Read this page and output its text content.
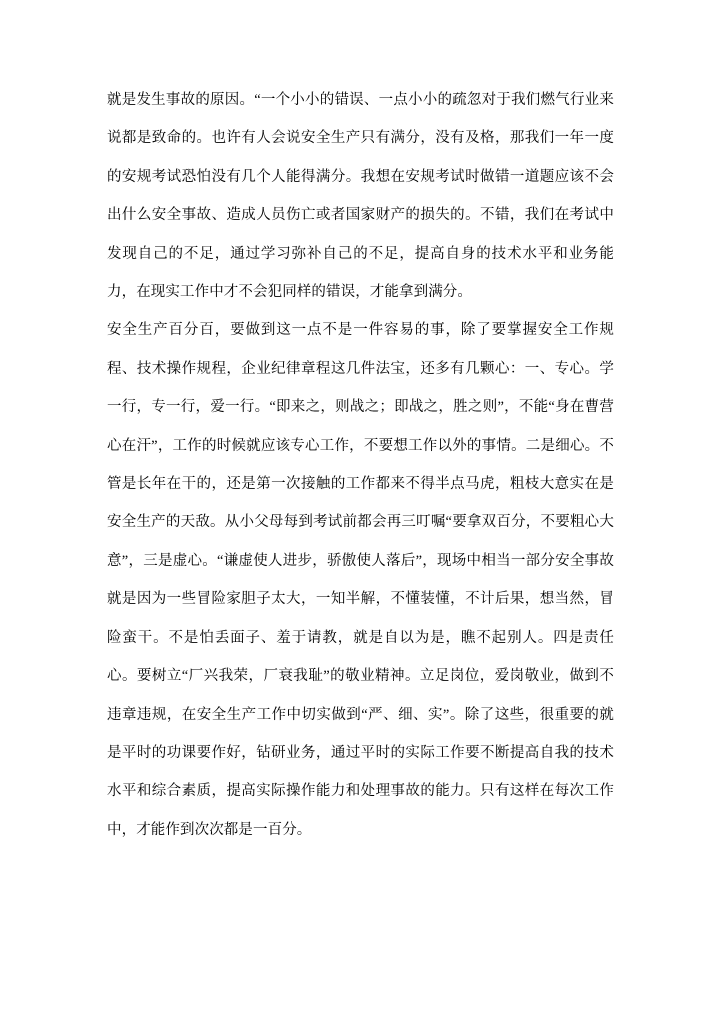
就是发生事故的原因。“一个小小的错误、一点小小的疏忽对于我们燃气行业来说都是致命的。也许有人会说安全生产只有满分，没有及格，那我们一年一度的安规考试恐怕没有几个人能得满分。我想在安规考试时做错一道题应该不会出什么安全事故、造成人员伤亡或者国家财产的损失的。不错，我们在考试中发现自己的不足，通过学习弥补自己的不足，提高自身的技术水平和业务能力，在现实工作中才不会犯同样的错误，才能拿到满分。

安全生产百分百，要做到这一点不是一件容易的事，除了要掌握安全工作规程、技术操作规程，企业纪律章程这几件法宝，还多有几颗心：一、专心。学一行，专一行，爱一行。“即来之，则战之；即战之，胜之则”，不能“身在曹营心在汗”，工作的时候就应该专心工作，不要想工作以外的事情。二是细心。不管是长年在干的，还是第一次接触的工作都来不得半点马虎，粗枝大意实在是安全生产的天敌。从小父母每到考试前都会再三叮嘱“要拿双百分，不要粗心大意”，三是虚心。“谦虚使人进步，骄傲使人落后”，现场中相当一部分安全事故就是因为一些冒险家胆子太大，一知半解，不懂装懂，不计后果，想当然，冒险蛮干。不是怕丢面子、羞于请教，就是自以为是，瞧不起别人。四是责任心。要树立“厂兴我荣，厂衰我耻”的敬业精神。立足岗位，爱岗敬业，做到不违章违规，在安全生产工作中切实做到“严、细、实”。除了这些，很重要的就是平时的功课要作好，钻研业务，通过平时的实际工作要不断提高自我的技术水平和综合素质，提高实际操作能力和处理事故的能力。只有这样在每次工作中，才能作到次次都是一百分。
